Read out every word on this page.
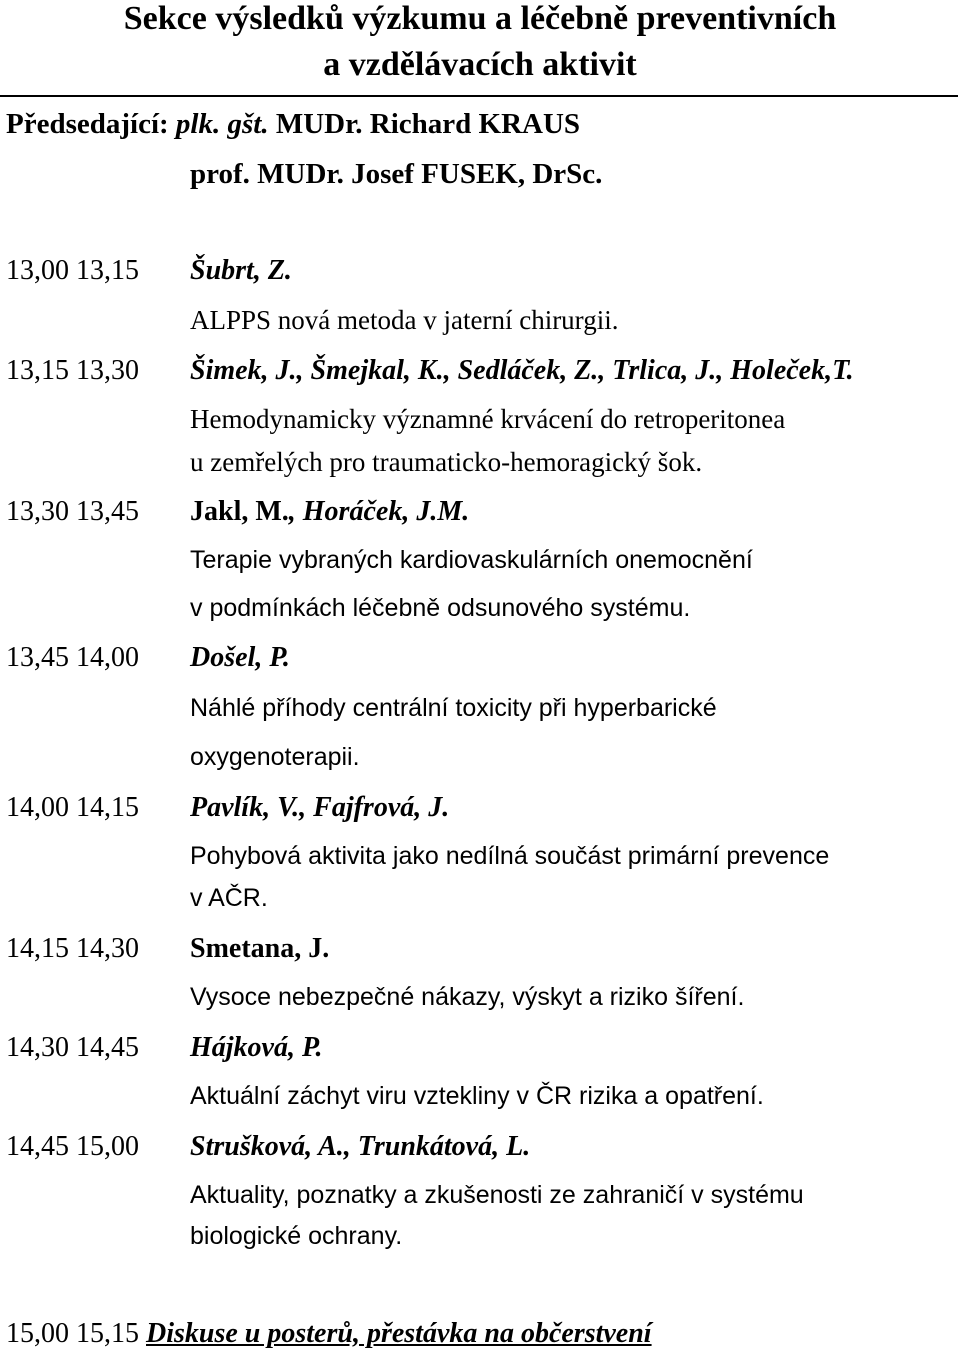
Sekce výsledků výzkumu a léčebně preventivních
a vzdělávacích aktivit
Předsedající: plk. gšt. MUDr. Richard KRAUS
prof. MUDr. Josef FUSEK, DrSc.
13,00 13,15 Šubrt, Z.
ALPPS nová metoda v jaterní chirurgii.
13,15 13,30 Šimek, J., Šmejkal, K., Sedláček, Z., Trlica, J., Holeček,T.
Hemodynamicky významné krvácení do retroperitonea
u zemřelých pro traumaticko-hemoragický šok.
13,30 13,45 Jakl, M., Horáček, J.M.
Terapie vybraných kardiovaskulárních onemocnění
v podmínkách léčebně odsunového systému.
13,45 14,00 Došel, P.
Náhlé příhody centrální toxicity při hyperbarické
oxygenoterapii.
14,00 14,15 Pavlík, V., Fajfrová, J.
Pohybová aktivita jako nedílná součást primární prevence
v AČR.
14,15 14,30 Smetana, J.
Vysoce nebezpečné nákazy, výskyt a riziko šíření.
14,30 14,45 Hájková, P.
Aktuální záchyt viru vztekliny v ČR rizika a opatření.
14,45 15,00 Strušková, A., Trunkátová, L.
Aktuality, poznatky a zkušenosti ze zahraničí v systému
biologické ochrany.
15,00 15,15 Diskuse u posterů, přestávka na občerstvení
